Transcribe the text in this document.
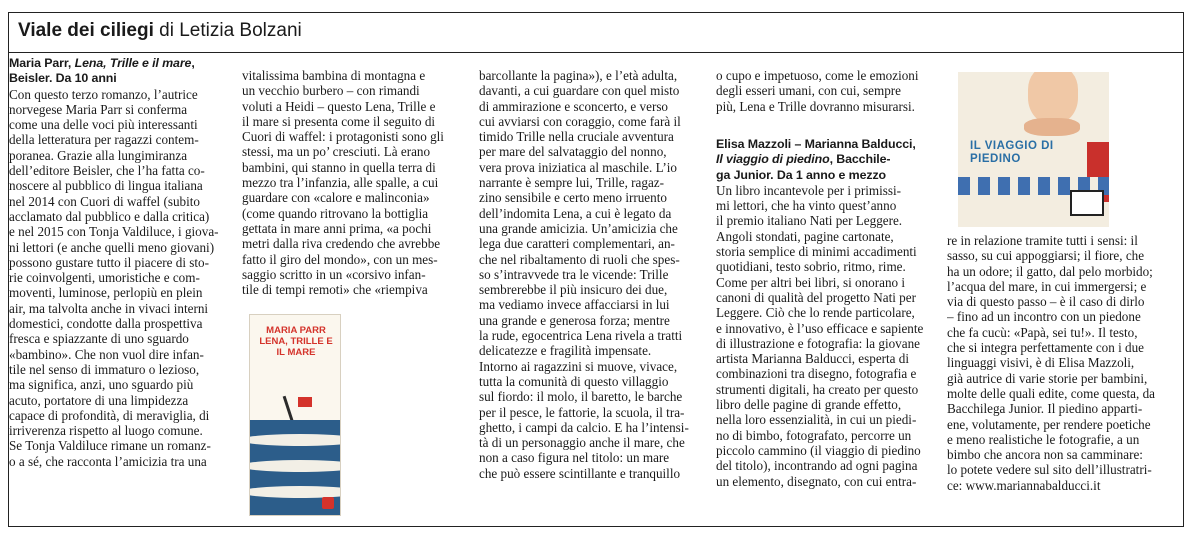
Viale dei ciliegi di Letizia Bolzani
Maria Parr, Lena, Trille e il mare,
Beisler. Da 10 anni
Con questo terzo romanzo, l’autrice
norvegese Maria Parr si conferma
come una delle voci più interessanti
della letteratura per ragazzi contem-
poranea. Grazie alla lungimiranza
dell’editore Beisler, che l’ha fatta co-
noscere al pubblico di lingua italiana
nel 2014 con Cuori di waffel (subito
acclamato dal pubblico e dalla critica)
e nel 2015 con Tonja Valdiluce, i giova-
ni lettori (e anche quelli meno giovani)
possono gustare tutto il piacere di sto-
rie coinvolgenti, umoristiche e com-
moventi, luminose, perlopiù en plein
air, ma talvolta anche in vivaci interni
domestici, condotte dalla prospettiva
fresca e spiazzante di uno sguardo
«bambino». Che non vuol dire infan-
tile nel senso di immaturo o lezioso,
ma significa, anzi, uno sguardo più
acuto, portatore di una limpidezza
capace di profondità, di meraviglia, di
irriverenza rispetto al luogo comune.
Se Tonja Valdiluce rimane un romanz-
o a sé, che racconta l’amicizia tra una
vitalissima bambina di montagna e
un vecchio burbero – con rimandi
voluti a Heidi – questo Lena, Trille e
il mare si presenta come il seguito di
Cuori di waffel: i protagonisti sono gli
stessi, ma un po’ cresciuti. Là erano
bambini, qui stanno in quella terra di
mezzo tra l’infanzia, alle spalle, a cui
guardare con «calore e malinconia»
(come quando ritrovano la bottiglia
gettata in mare anni prima, «a pochi
metri dalla riva credendo che avrebbe
fatto il giro del mondo», con un mes-
saggio scritto in un «corsivo infan-
tile di tempi remoti» che «riempiva
barcollante la pagina»), e l’età adulta,
davanti, a cui guardare con quel misto
di ammirazione e sconcerto, e verso
cui avviarsi con coraggio, come farà il
timido Trille nella cruciale avventura
per mare del salvataggio del nonno,
vera prova iniziatica al maschile. L’io
narrante è sempre lui, Trille, ragaz-
zino sensibile e certo meno irruento
dell’indomita Lena, a cui è legato da
una grande amicizia. Un’amicizia che
lega due caratteri complementari, an-
che nel ribaltamento di ruoli che spes-
so s’intravvede tra le vicende: Trille
sembrerebbe il più insicuro dei due,
ma vediamo invece affacciarsi in lui
una grande e generosa forza; mentre
la rude, egocentrica Lena rivela a tratti
delicatezze e fragilità impensate.
Intorno ai ragazzini si muove, vivace,
tutta la comunità di questo villaggio
sul fiordo: il molo, il baretto, le barche
per il pesce, le fattorie, la scuola, il tra-
ghetto, i campi da calcio. E ha l’intensi-
tà di un personaggio anche il mare, che
non a caso figura nel titolo: un mare
che può essere scintillante e tranquillo
o cupo e impetuoso, come le emozioni
degli esseri umani, con cui, sempre
più, Lena e Trille dovranno misurarsi.
Elisa Mazzoli – Marianna Balducci,
Il viaggio di piedino, Bacchile-
ga Junior. Da 1 anno e mezzo
Un libro incantevole per i primissi-
mi lettori, che ha vinto quest’anno
il premio italiano Nati per Leggere.
Angoli stondati, pagine cartonate,
storia semplice di minimi accadimenti
quotidiani, testo sobrio, ritmo, rime.
Come per altri bei libri, si onorano i
canoni di qualità del progetto Nati per
Leggere. Ciò che lo rende particolare,
e innovativo, è l’uso efficace e sapiente
di illustrazione e fotografia: la giovane
artista Marianna Balducci, esperta di
combinazioni tra disegno, fotografia e
strumenti digitali, ha creato per questo
libro delle pagine di grande effetto,
nella loro essenzialità, in cui un piedi-
no di bimbo, fotografato, percorre un
piccolo cammino (il viaggio di piedino
del titolo), incontrando ad ogni pagina
un elemento, disegnato, con cui entra-
re in relazione tramite tutti i sensi: il
sasso, su cui appoggiarsi; il fiore, che
ha un odore; il gatto, dal pelo morbido;
l’acqua del mare, in cui immergersi; e
via di questo passo – è il caso di dirlo
– fino ad un incontro con un piedone
che fa cucù: «Papà, sei tu!». Il testo,
che si integra perfettamente con i due
linguaggi visivi, è di Elisa Mazzoli,
già autrice di varie storie per bambini,
molte delle quali edite, come questa, da
Bacchilega Junior. Il piedino apparti-
ene, volutamente, per rendere poetiche
e meno realistiche le fotografie, a un
bimbo che ancora non sa camminare:
lo potete vedere sul sito dell’illustratri-
ce: www.mariannabalducci.it
MARIA PARR
LENA, TRILLE E IL MARE
IL VIAGGIO DI PIEDINO
